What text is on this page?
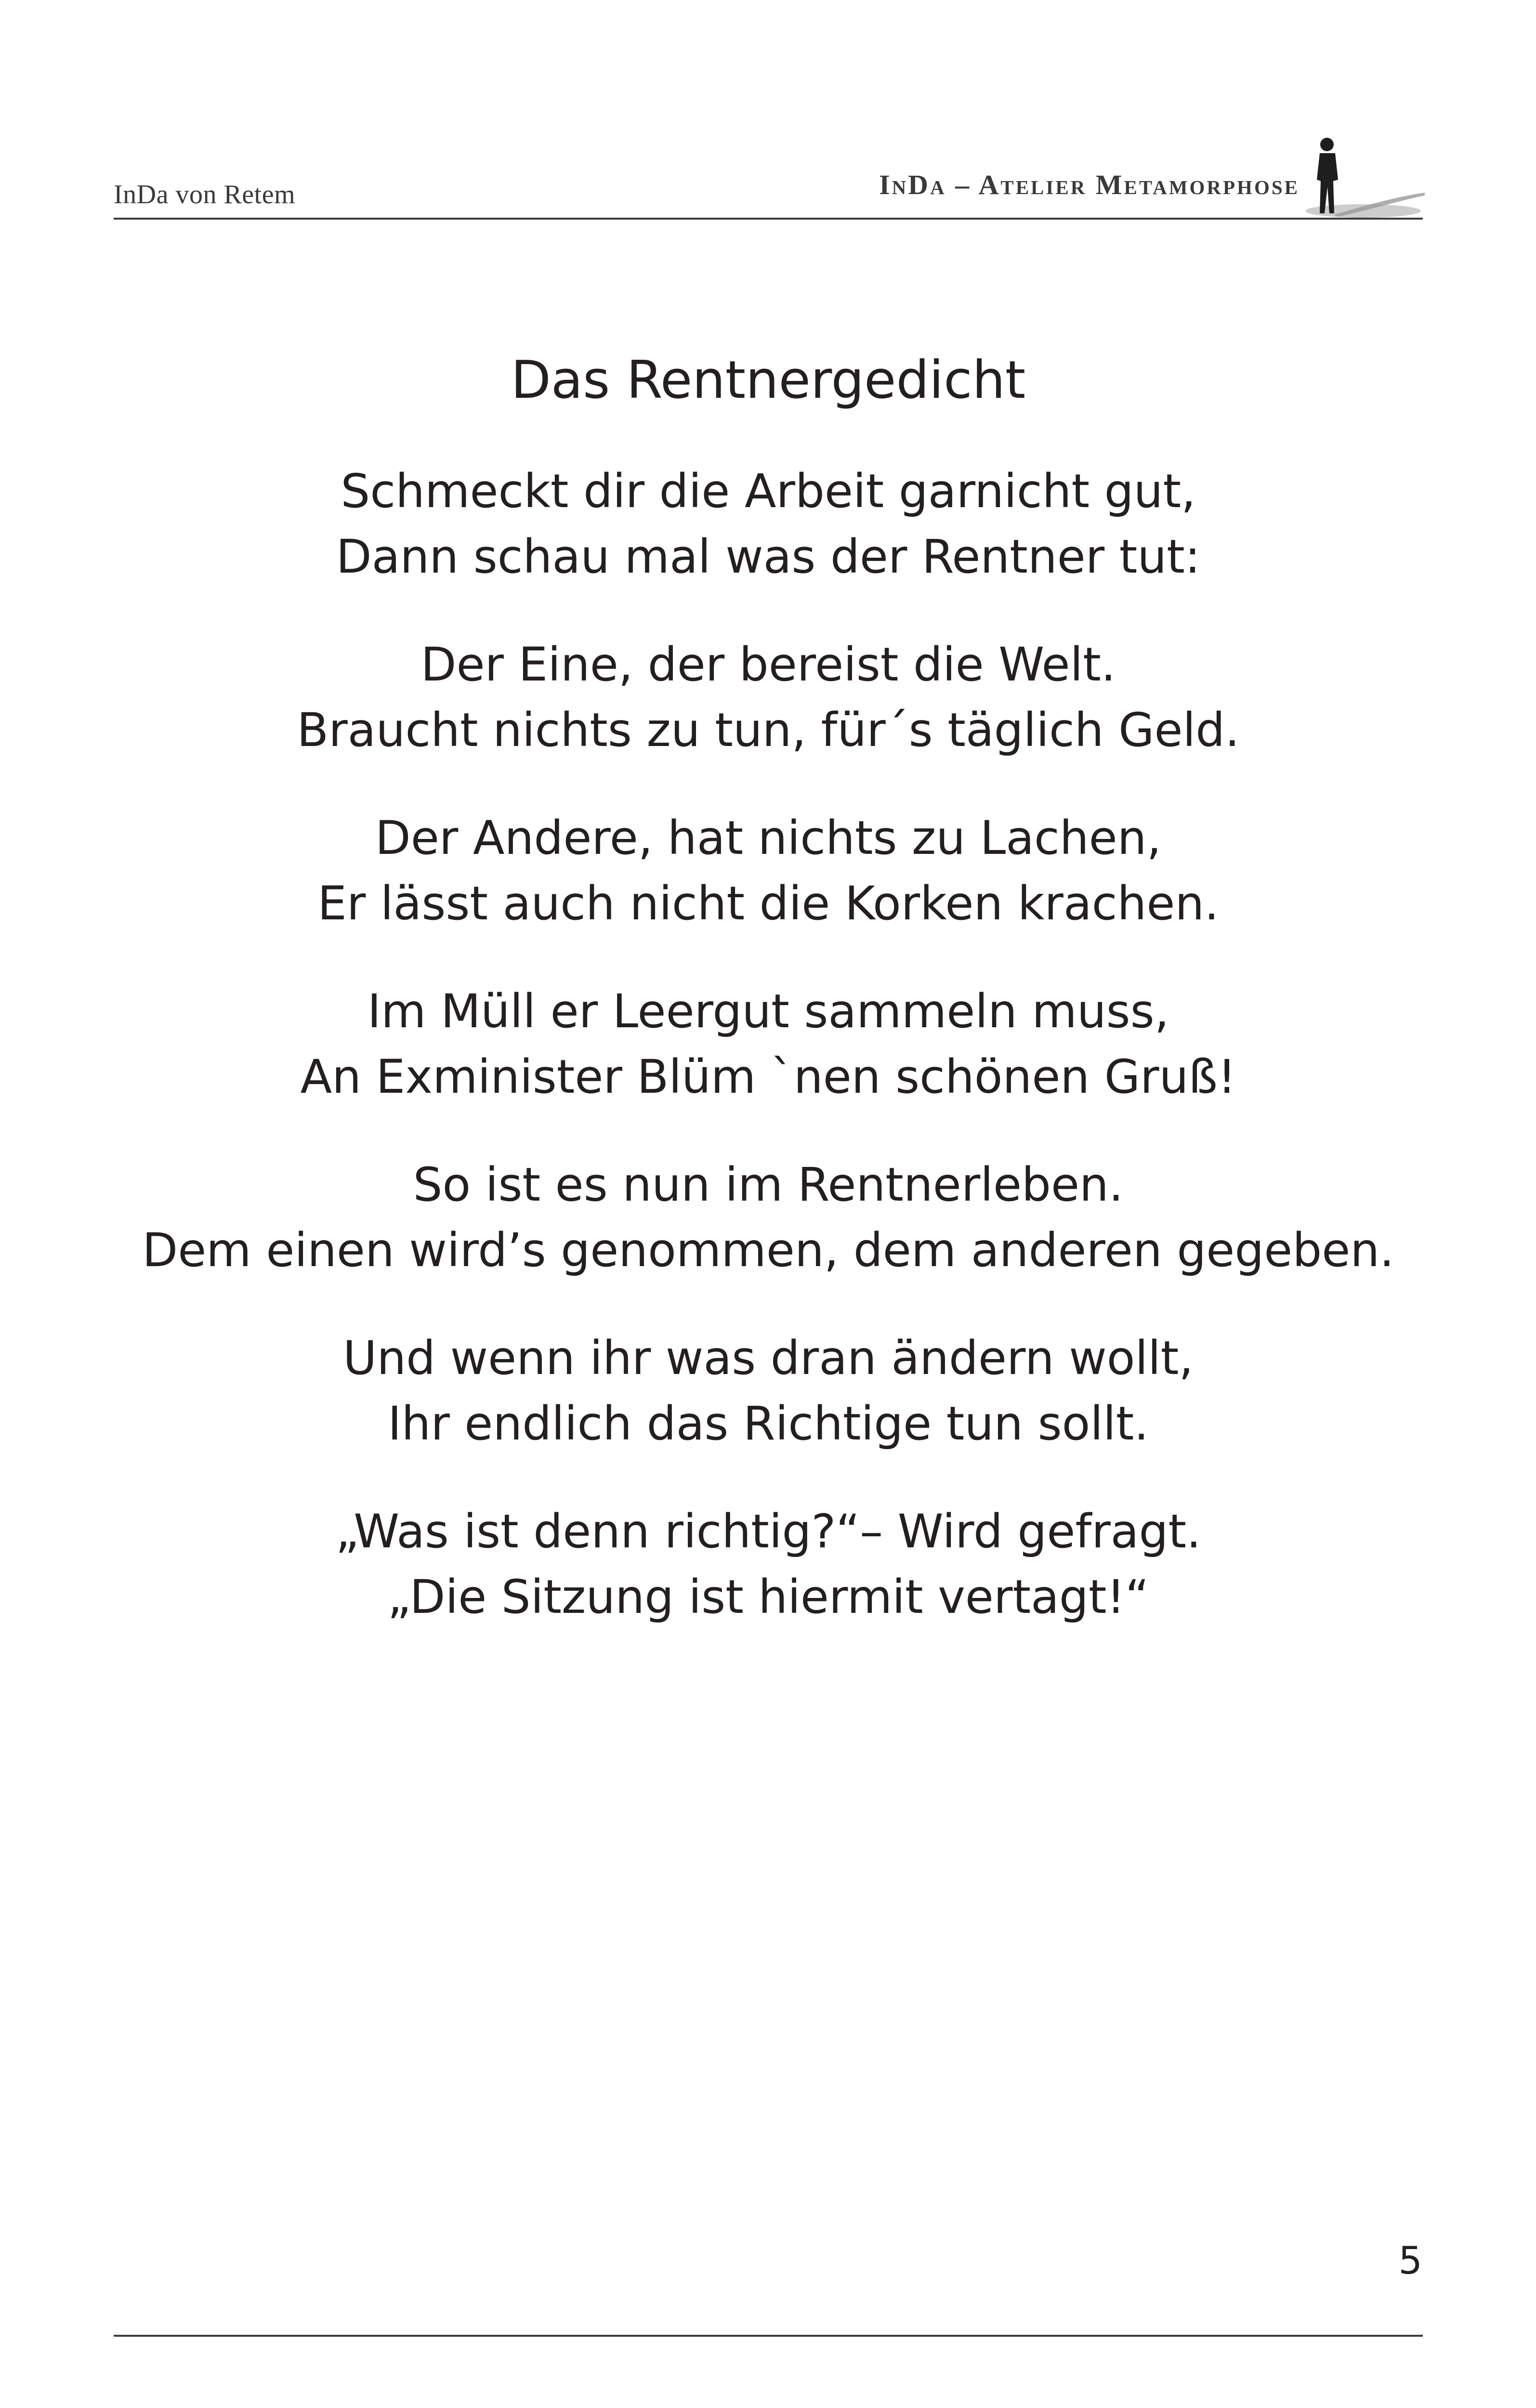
InDa von Retem	InDa – Atelier Metamorphose
Das Rentnergedicht
Schmeckt dir die Arbeit garnicht gut,
Dann schau mal was der Rentner tut:
Der Eine, der bereist die Welt.
Braucht nichts zu tun, für´s täglich Geld.
Der Andere, hat nichts zu Lachen,
Er lässt auch nicht die Korken krachen.
Im Müll er Leergut sammeln muss,
An Exminister Blüm `nen schönen Gruß!
So ist es nun im Rentnerleben.
Dem einen wird’s genommen, dem anderen gegeben.
Und wenn ihr was dran ändern wollt,
Ihr endlich das Richtige tun sollt.
„Was ist denn richtig?“– Wird gefragt.
„Die Sitzung ist hiermit vertagt!“
5
